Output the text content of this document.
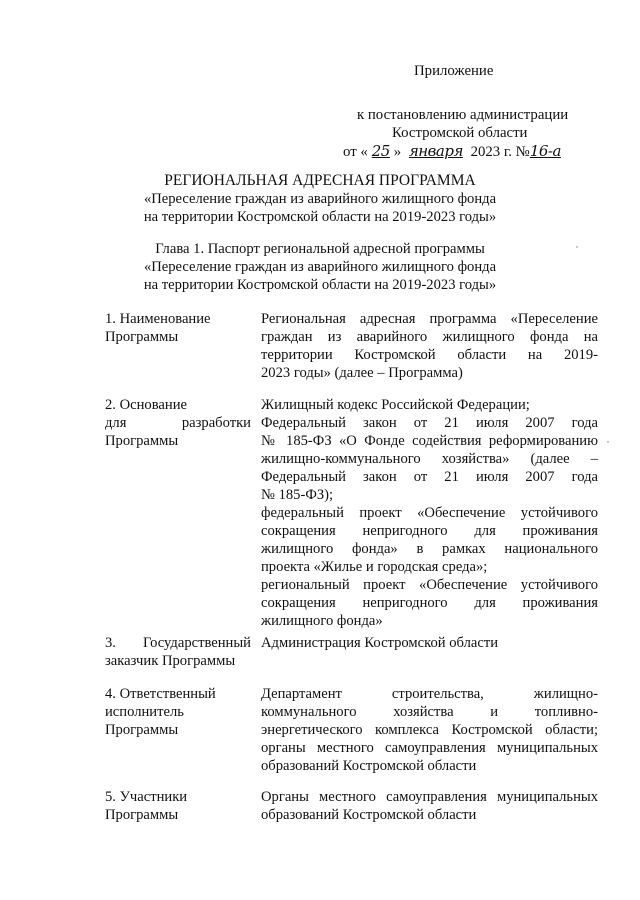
Приложение
к постановлению администрации
Костромской области
от « 25 » января 2023 г. №16-а
РЕГИОНАЛЬНАЯ АДРЕСНАЯ ПРОГРАММА
«Переселение граждан из аварийного жилищного фонда
на территории Костромской области на 2019-2023 годы»
Глава 1. Паспорт региональной адресной программы
«Переселение граждан из аварийного жилищного фонда
на территории Костромской области на 2019-2023 годы»
1. Наименование
Программы
Региональная адресная программа «Переселение
граждан из аварийного жилищного фонда на
территории Костромской области на 2019-
2023 годы» (далее – Программа)
2. Основание
для разработки
Программы
Жилищный кодекс Российской Федерации;
Федеральный закон от 21 июля 2007 года
№ 185-ФЗ «О Фонде содействия реформированию
жилищно-коммунального хозяйства» (далее –
Федеральный закон от 21 июля 2007 года
№ 185-ФЗ);
федеральный проект «Обеспечение устойчивого
сокращения непригодного для проживания
жилищного фонда» в рамках национального
проекта «Жилье и городская среда»;
региональный проект «Обеспечение устойчивого
сокращения непригодного для проживания
жилищного фонда»
3. Государственный
заказчик Программы
Администрация Костромской области
4. Ответственный
исполнитель
Программы
Департамент строительства, жилищно-
коммунального хозяйства и топливно-
энергетического комплекса Костромской области;
органы местного самоуправления муниципальных
образований Костромской области
5. Участники
Программы
Органы местного самоуправления муниципальных
образований Костромской области
